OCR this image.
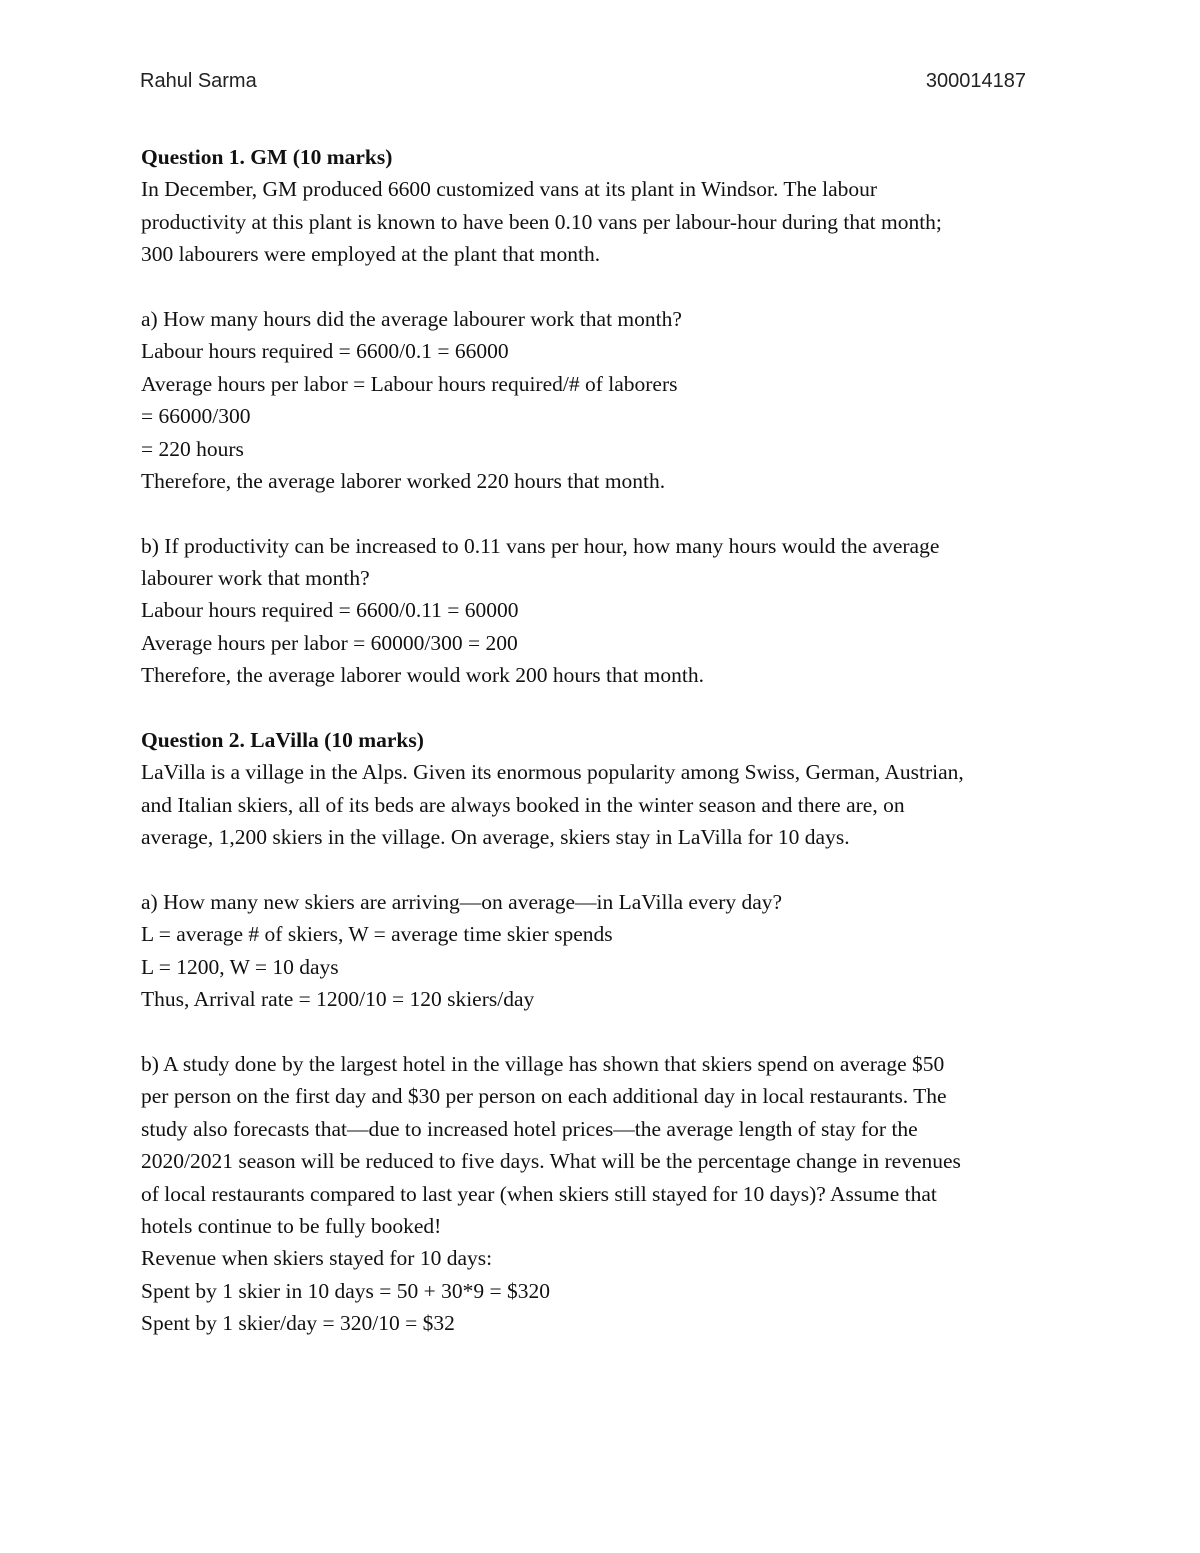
Rahul Sarma	300014187
Question 1. GM (10 marks)
In December, GM produced 6600 customized vans at its plant in Windsor. The labour
productivity at this plant is known to have been 0.10 vans per labour-hour during that month;
300 labourers were employed at the plant that month.
a) How many hours did the average labourer work that month?
Labour hours required = 6600/0.1 = 66000
Average hours per labor = Labour hours required/# of laborers
= 66000/300
= 220 hours
Therefore, the average laborer worked 220 hours that month.
b) If productivity can be increased to 0.11 vans per hour, how many hours would the average
labourer work that month?
Labour hours required = 6600/0.11 = 60000
Average hours per labor = 60000/300 = 200
Therefore, the average laborer would work 200 hours that month.
Question 2. LaVilla (10 marks)
LaVilla is a village in the Alps. Given its enormous popularity among Swiss, German, Austrian,
and Italian skiers, all of its beds are always booked in the winter season and there are, on
average, 1,200 skiers in the village. On average, skiers stay in LaVilla for 10 days.
a) How many new skiers are arriving—on average—in LaVilla every day?
L = average # of skiers, W = average time skier spends
L = 1200, W = 10 days
Thus, Arrival rate = 1200/10 = 120 skiers/day
b) A study done by the largest hotel in the village has shown that skiers spend on average $50
per person on the first day and $30 per person on each additional day in local restaurants. The
study also forecasts that—due to increased hotel prices—the average length of stay for the
2020/2021 season will be reduced to five days. What will be the percentage change in revenues
of local restaurants compared to last year (when skiers still stayed for 10 days)? Assume that
hotels continue to be fully booked!
Revenue when skiers stayed for 10 days:
Spent by 1 skier in 10 days = 50 + 30*9 = $320
Spent by 1 skier/day = 320/10 = $32
